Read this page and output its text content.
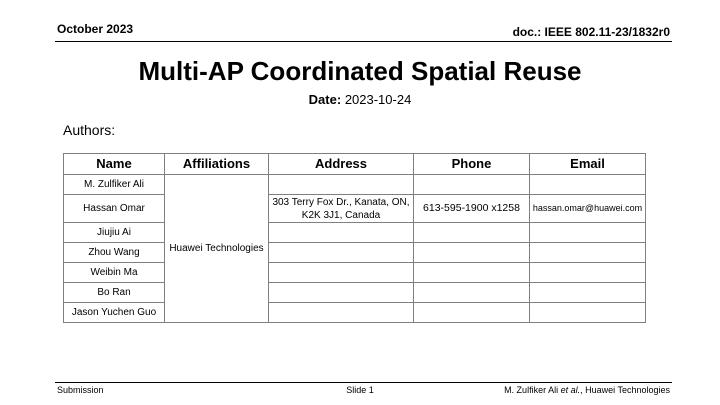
October 2023	doc.: IEEE 802.11-23/1832r0
Multi-AP Coordinated Spatial Reuse
Date: 2023-10-24
Authors:
Name	Affiliations	Address	Phone	Email
M. Zulfiker Ali	Huawei Technologies			
Hassan Omar		303 Terry Fox Dr., Kanata, ON, K2K 3J1, Canada	613-595-1900 x1258	hassan.omar@huawei.com
Jiujiu Ai				
Zhou Wang				
Weibin Ma				
Bo Ran				
Jason Yuchen Guo				
Submission	Slide 1	M. Zulfiker Ali et al., Huawei Technologies
